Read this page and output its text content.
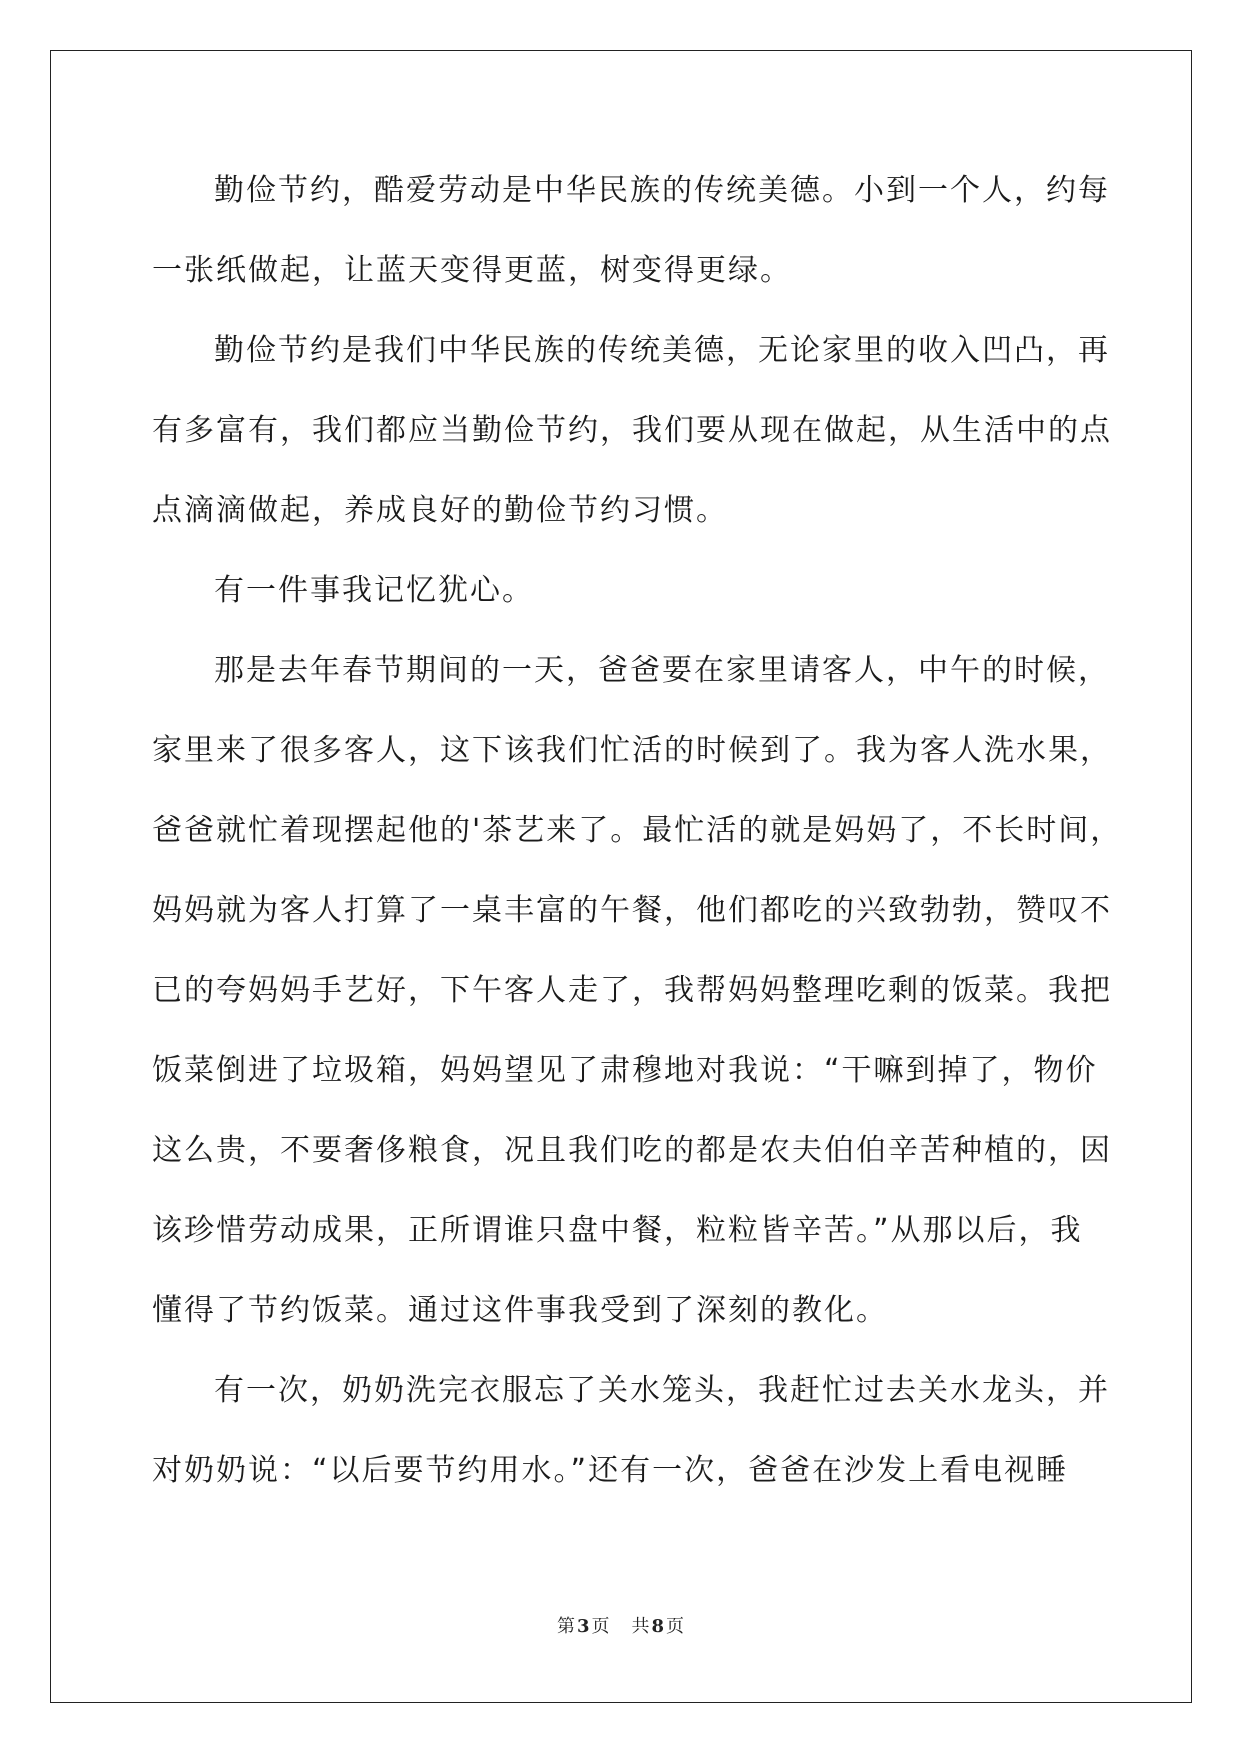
勤俭节约，酷爱劳动是中华民族的传统美德。小到一个人，约每
一张纸做起，让蓝天变得更蓝，树变得更绿。
勤俭节约是我们中华民族的传统美德，无论家里的收入凹凸，再
有多富有，我们都应当勤俭节约，我们要从现在做起，从生活中的点
点滴滴做起，养成良好的勤俭节约习惯。
有一件事我记忆犹心。
那是去年春节期间的一天，爸爸要在家里请客人，中午的时候，
家里来了很多客人，这下该我们忙活的时候到了。我为客人洗水果，
爸爸就忙着现摆起他的'茶艺来了。最忙活的就是妈妈了，不长时间，
妈妈就为客人打算了一桌丰富的午餐，他们都吃的兴致勃勃，赞叹不
已的夸妈妈手艺好，下午客人走了，我帮妈妈整理吃剩的饭菜。我把
饭菜倒进了垃圾箱，妈妈望见了肃穆地对我说：“干嘛到掉了，物价
这么贵，不要奢侈粮食，况且我们吃的都是农夫伯伯辛苦种植的，因
该珍惜劳动成果，正所谓谁只盘中餐，粒粒皆辛苦。”从那以后，我
懂得了节约饭菜。通过这件事我受到了深刻的教化。
有一次，奶奶洗完衣服忘了关水笼头，我赶忙过去关水龙头，并
对奶奶说：“以后要节约用水。”还有一次，爸爸在沙发上看电视睡
第 3 页 共 8 页
